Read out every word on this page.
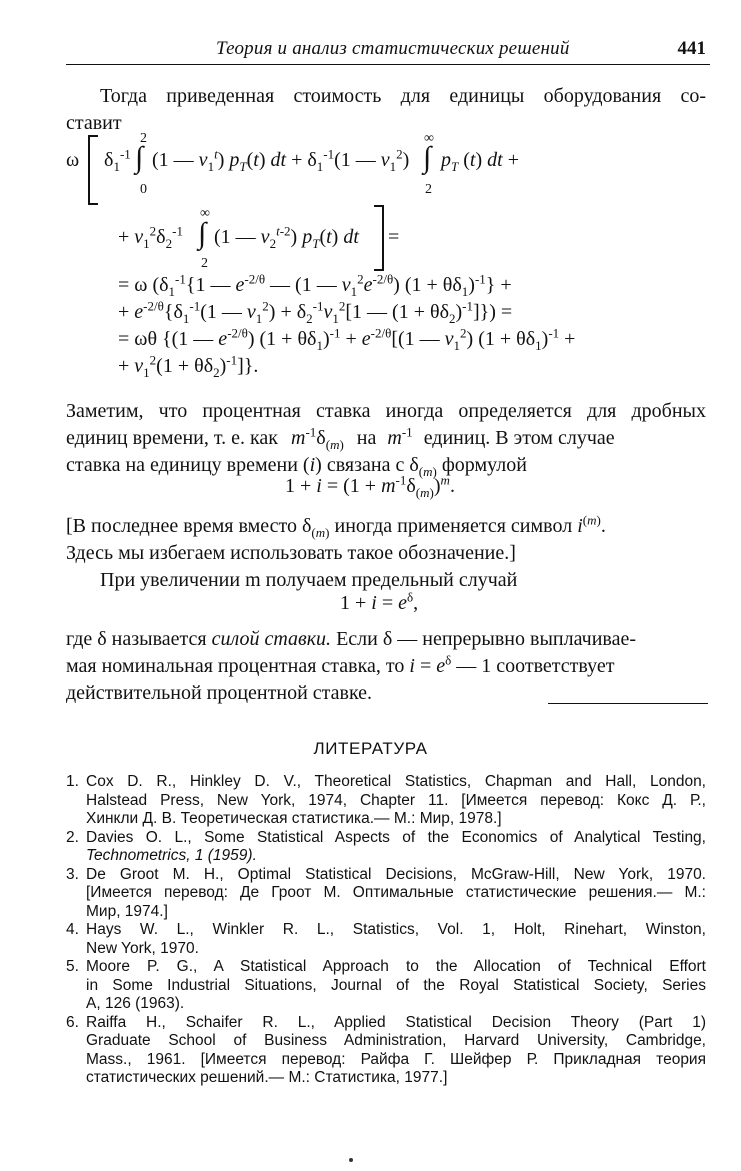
Теория и анализ статистических решений	441
Тогда приведенная стоимость для единицы оборудования со-
ставит
ω $\delta_1^{-1}$
2
∫
0
(1 — $v_1^t$) $p_T(t)$ dt + $\delta_1^{-1}(1$ — $v_1^2$)
∞
∫
2
$p_T$ (t) dt +
+ $v_1^2\delta_2^{-1}$
∞
∫
2
(1 — $v_2^{t-2}$) $p_T(t)$ dt =
= ω ($\delta_1^{-1}\{1$ — $e^{-2/\theta}$ — (1 — $v_1^2e^{-2/\theta}$) $(1 + \theta\delta_1)^{-1}$} +
+ $e^{-2/\theta}\{\delta_1^{-1}(1$ — $v_1^2) + \delta_2^{-1}v_1^2[1$ — $(1 + \theta\delta_2)^{-1}$]}) =
= ωθ {(1 — $e^{-2/\theta}$) $(1 + \theta\delta_1)^{-1} + e^{-2/\theta}[(1$ — $v_1^2$) $(1 + \theta\delta_1)^{-1}$ +
+ $v_1^2(1 + \theta\delta_2)^{-1}$]}.
Заметим, что процентная ставка иногда определяется для дробных
единиц времени, т. е. как $m^{-1}\delta_{(m)}$ на $m^{-1}$ единиц. В этом случае
ставка на единицу времени (i) связана с $\delta_{(m)}$ формулой
$1 + i = (1 + m^{-1}\delta_{(m)})^m$.
[В последнее время вместо $\delta_{(m)}$ иногда применяется символ $i^{(m)}$.
Здесь мы избегаем использовать такое обозначение.]
При увеличении m получаем предельный случай
$1 + i = e^\delta$,
где δ называется силой ставки. Если δ — непрерывно выплачивае-
мая номинальная процентная ставка, то $i = e^\delta$ — 1 соответствует
действительной процентной ставке.
ЛИТЕРАТУРА
1. Cox D. R., Hinkley D. V., Theoretical Statistics, Chapman and Hall, London,
Halstead Press, New York, 1974, Chapter 11. [Имеется перевод: Кокс Д. Р.,
Хинкли Д. В. Теоретическая статистика.— М.: Мир, 1978.]
2. Davies O. L., Some Statistical Aspects of the Economics of Analytical Testing,
Technometrics, 1 (1959).
3. De Groot M. H., Optimal Statistical Decisions, McGraw-Hill, New York, 1970.
[Имеется перевод: Де Гроот М. Оптимальные статистические решения.— М.:
Мир, 1974.]
4. Hays W. L., Winkler R. L., Statistics, Vol. 1, Holt, Rinehart, Winston,
New York, 1970.
5. Moore P. G., A Statistical Approach to the Allocation of Technical Effort
in Some Industrial Situations, Journal of the Royal Statistical Society, Series
A, 126 (1963).
6. Raiffa H., Schaifer R. L., Applied Statistical Decision Theory (Part 1)
Graduate School of Business Administration, Harvard University, Cambridge,
Mass., 1961. [Имеется перевод: Райфа Г. Шейфер Р. Прикладная теория
статистических решений.— М.: Статистика, 1977.]
